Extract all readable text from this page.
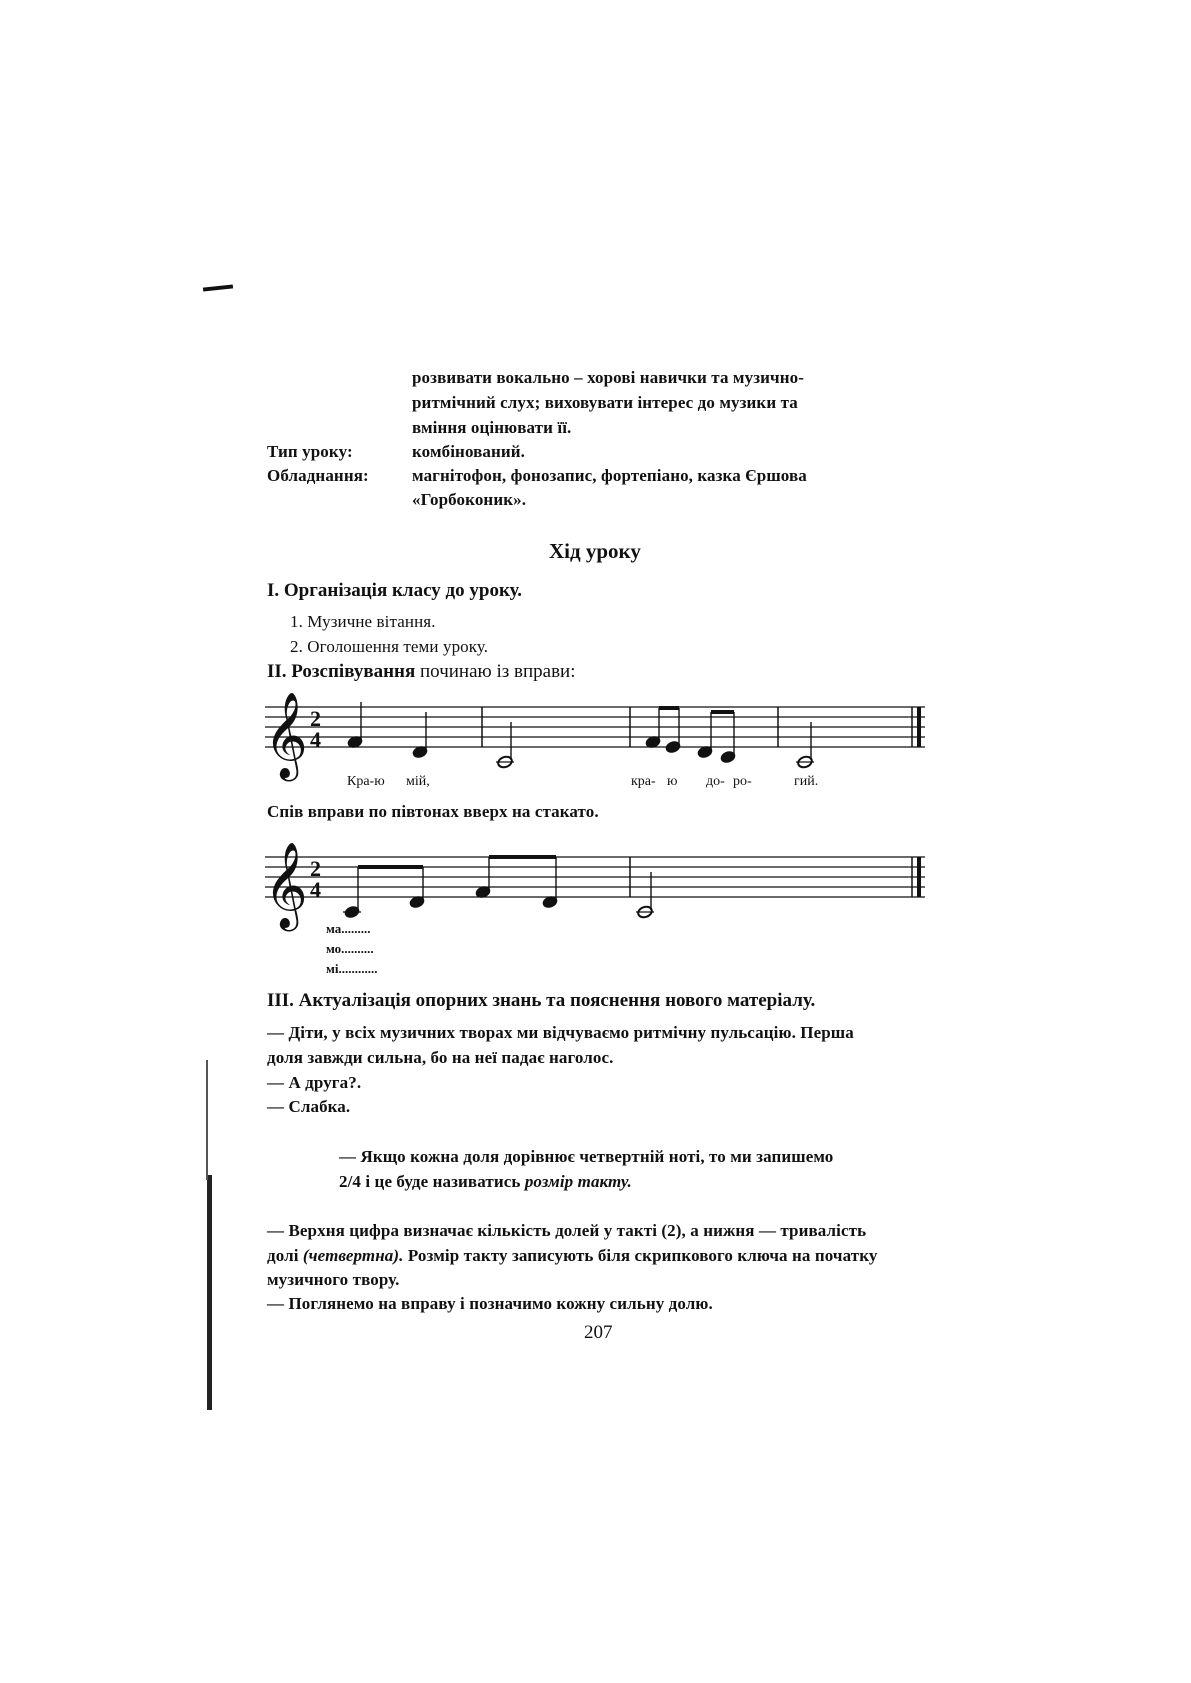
розвивати вокально – хорові навички та музично-
ритмічний слух; виховувати інтерес до музики та
вміння оцінювати її.
Тип уроку:	комбінований.
Обладнання:	магнітофон, фонозапис, фортепіано, казка Єршова
«Горбоконик».
Хід уроку
І. Організація класу до уроку.
1. Музичне вітання.
2. Оголошення теми уроку.
ІІ. Розспівування починаю із вправи:
𝄞 2
4
Кра-ю мій,	кра- ю до- ро-	гий.
Спів вправи по півтонах вверх на стакато.
𝄞 2
4
ма.........
мо..........
мі............
ІІІ. Актуалізація опорних знань та пояснення нового матеріалу.
— Діти, у всіх музичних творах ми відчуваємо ритмічну пульсацію. Перша
доля завжди сильна, бо на неї падає наголос.
— А друга?.
— Слабка.
— Якщо кожна доля дорівнює четвертній ноті, то ми запишемо
2/4 і це буде називатись розмір такту.
— Верхня цифра визначає кількість долей у такті (2), а нижня — тривалість
долі (четвертна). Розмір такту записують біля скрипкового ключа на початку
музичного твору.
— Поглянемо на вправу і позначимо кожну сильну долю.
207
